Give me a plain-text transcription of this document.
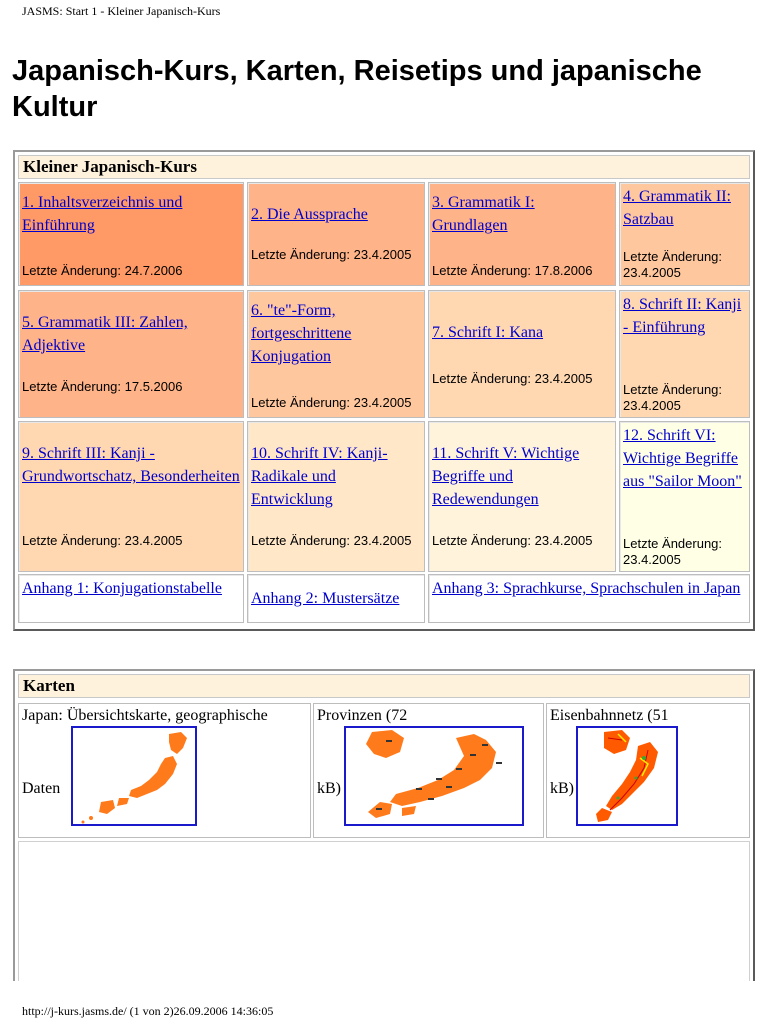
JASMS: Start 1 - Kleiner Japanisch-Kurs
Japanisch-Kurs, Karten, Reisetips und japanische Kultur
Kleiner Japanisch-Kurs
1. Inhaltsverzeichnis und Einführung
Letzte Änderung: 24.7.2006
2. Die Aussprache
Letzte Änderung: 23.4.2005
3. Grammatik I: Grundlagen
Letzte Änderung: 17.8.2006
4. Grammatik II: Satzbau
Letzte Änderung: 23.4.2005
5. Grammatik III: Zahlen, Adjektive
Letzte Änderung: 17.5.2006
6. "te"-Form, fortgeschrittene Konjugation
Letzte Änderung: 23.4.2005
7. Schrift I: Kana
Letzte Änderung: 23.4.2005
8. Schrift II: Kanji - Einführung
Letzte Änderung: 23.4.2005
9. Schrift III: Kanji - Grundwortschatz, Besonderheiten
Letzte Änderung: 23.4.2005
10. Schrift IV: Kanji-Radikale und Entwicklung
Letzte Änderung: 23.4.2005
11. Schrift V: Wichtige Begriffe und Redewendungen
Letzte Änderung: 23.4.2005
12. Schrift VI: Wichtige Begriffe aus "Sailor Moon"
Letzte Änderung: 23.4.2005
Anhang 1: Konjugationstabelle
Anhang 2: Mustersätze
Anhang 3: Sprachkurse, Sprachschulen in Japan
Karten
Japan: Übersichtskarte, geographische
Daten
Provinzen (72
kB)
Eisenbahnnetz (51
kB)
http://j-kurs.jasms.de/ (1 von 2)26.09.2006 14:36:05
